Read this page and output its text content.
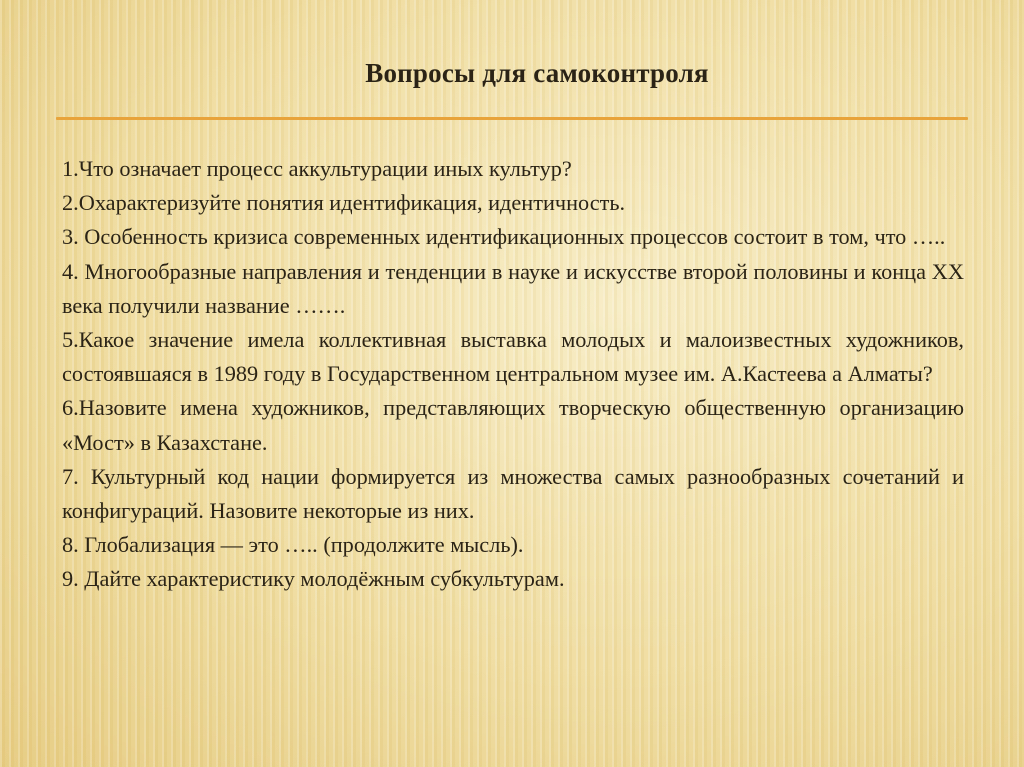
Вопросы для самоконтроля
1.Что означает процесс аккультурации иных культур?
2.Охарактеризуйте понятия идентификация, идентичность.
3. Особенность кризиса современных идентификационных процессов состоит в том, что …..
4. Многообразные направления и тенденции в науке и искусстве второй половины и конца ХХ века получили название …….
5.Какое значение имела коллективная выставка молодых и малоизвестных художников, состоявшаяся в 1989 году в Государственном центральном музее им. А.Кастеева а Алматы?
6.Назовите имена художников, представляющих творческую общественную организацию «Мост» в Казахстане.
7. Культурный код нации формируется из множества самых разнообразных сочетаний и конфигураций. Назовите некоторые из них.
8. Глобализация — это ….. (продолжите мысль).
9. Дайте характеристику молодёжным субкультурам.
